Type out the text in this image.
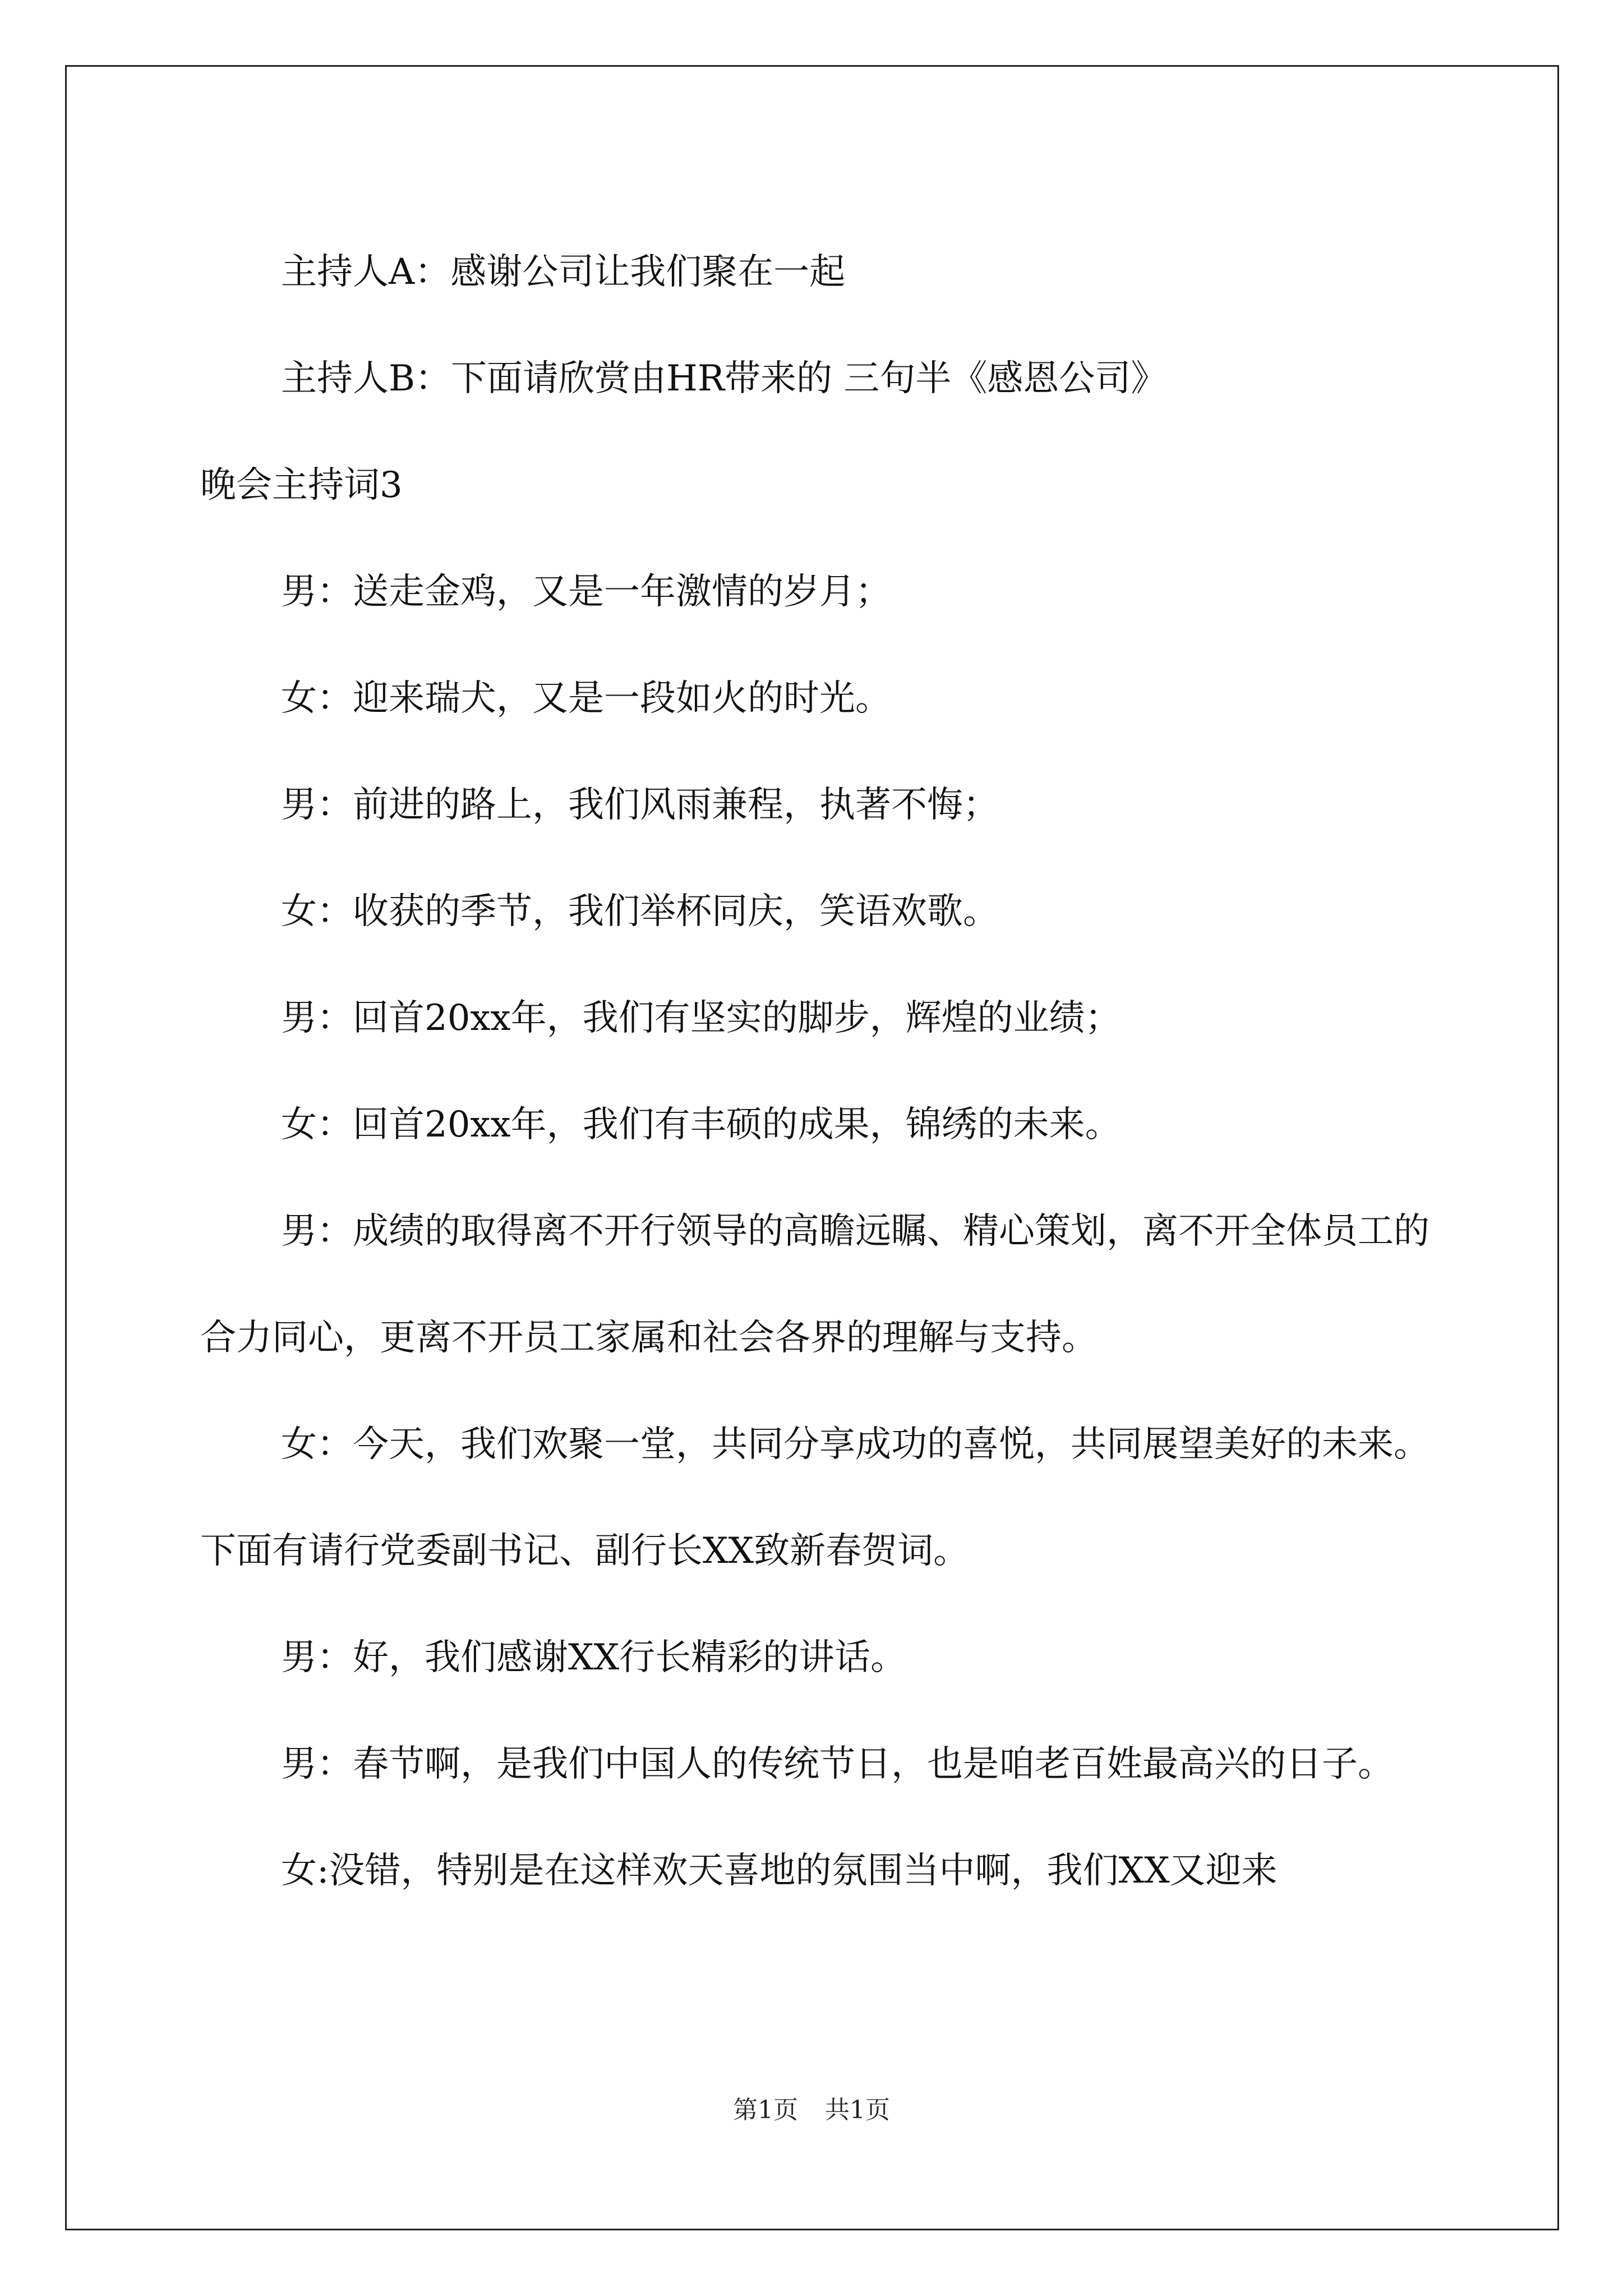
主持人A：感谢公司让我们聚在一起

主持人B：下面请欣赏由HR带来的 三句半《感恩公司》

晚会主持词3

男：送走金鸡，又是一年激情的岁月；

女：迎来瑞犬，又是一段如火的时光。

男：前进的路上，我们风雨兼程，执著不悔；

女：收获的季节，我们举杯同庆，笑语欢歌。

男：回首20xx年，我们有坚实的脚步，辉煌的业绩；

女：回首20xx年，我们有丰硕的成果，锦绣的未来。

男：成绩的取得离不开行领导的高瞻远瞩、精心策划，离不开全体员工的合力同心，更离不开员工家属和社会各界的理解与支持。

女：今天，我们欢聚一堂，共同分享成功的喜悦，共同展望美好的未来。下面有请行党委副书记、副行长XX致新春贺词。

男：好，我们感谢XX行长精彩的讲话。

男：春节啊，是我们中国人的传统节日，也是咱老百姓最高兴的日子。

女:没错，特别是在这样欢天喜地的氛围当中啊，我们XX又迎来

第1页 共1页
